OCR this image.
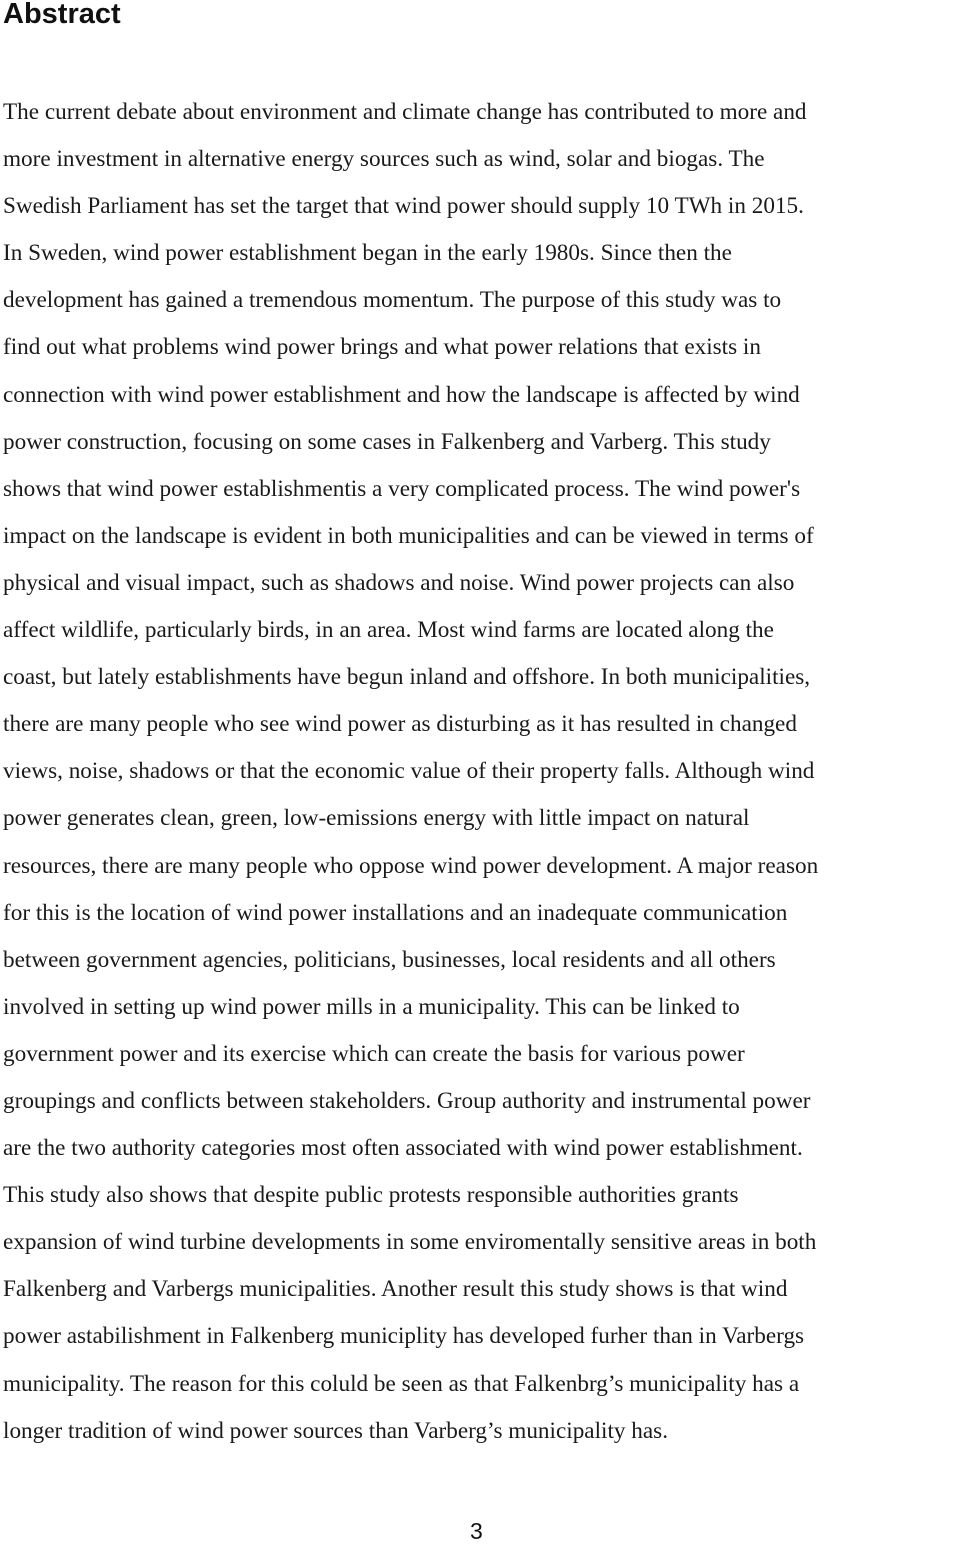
Abstract

The current debate about environment and climate change has contributed to more and
more investment in alternative energy sources such as wind, solar and biogas. The
Swedish Parliament has set the target that wind power should supply 10 TWh in 2015.
In Sweden, wind power establishment began in the early 1980s. Since then the
development has gained a tremendous momentum. The purpose of this study was to
find out what problems wind power brings and what power relations that exists in
connection with wind power establishment and how the landscape is affected by wind
power construction, focusing on some cases in Falkenberg and Varberg. This study
shows that wind power establishmentis a very complicated process. The wind power's
impact on the landscape is evident in both municipalities and can be viewed in terms of
physical and visual impact, such as shadows and noise. Wind power projects can also
affect wildlife, particularly birds, in an area. Most wind farms are located along the
coast, but lately establishments have begun inland and offshore. In both municipalities,
there are many people who see wind power as disturbing as it has resulted in changed
views, noise, shadows or that the economic value of their property falls. Although wind
power generates clean, green, low-emissions energy with little impact on natural
resources, there are many people who oppose wind power development. A major reason
for this is the location of wind power installations and an inadequate communication
between government agencies, politicians, businesses, local residents and all others
involved in setting up wind power mills in a municipality. This can be linked to
government power and its exercise which can create the basis for various power
groupings and conflicts between stakeholders. Group authority and instrumental power
are the two authority categories most often associated with wind power establishment.
This study also shows that despite public protests responsible authorities grants
expansion of wind turbine developments in some enviromentally sensitive areas in both
Falkenberg and Varbergs municipalities. Another result this study shows is that wind
power astabilishment in Falkenberg municiplity has developed furher than in Varbergs
municipality. The reason for this coluld be seen as that Falkenbrg’s municipality has a
longer tradition of wind power sources than Varberg’s municipality has.

3
